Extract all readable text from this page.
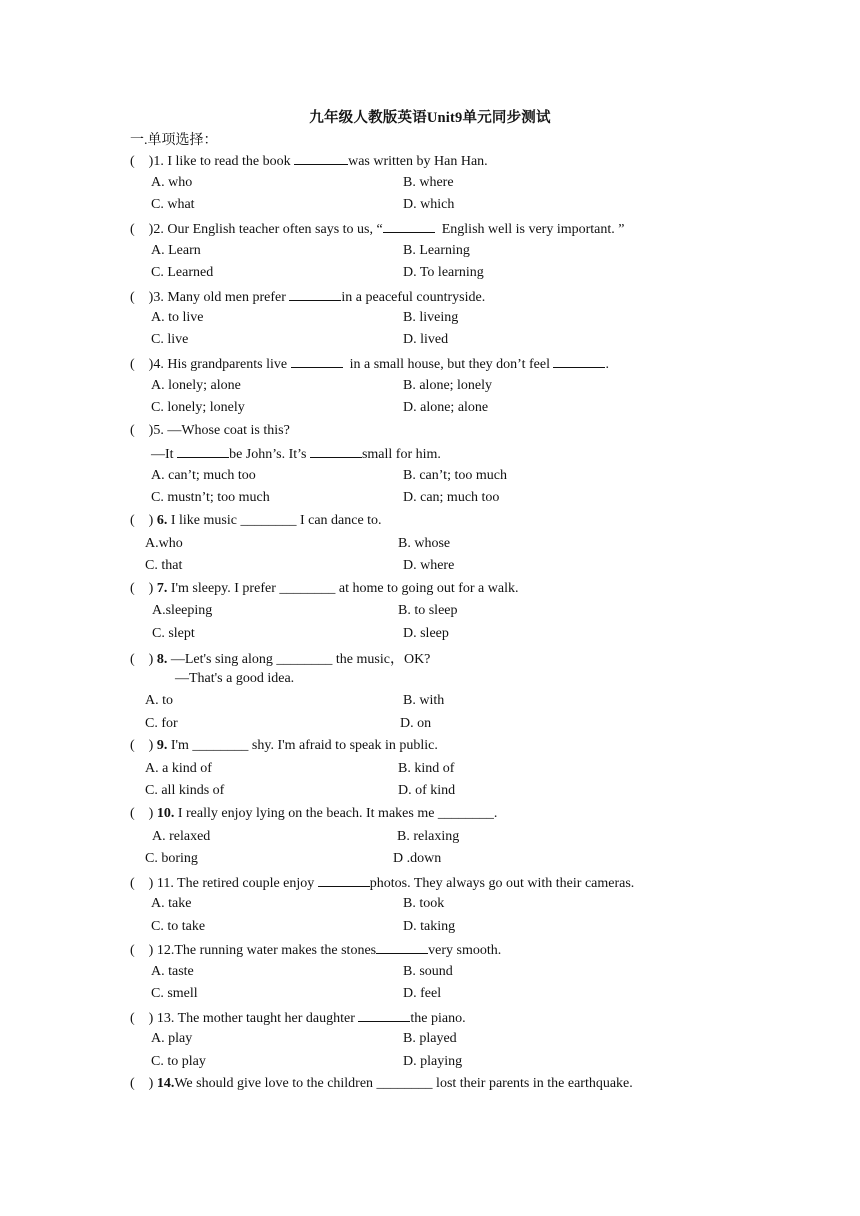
九年级人教版英语Unit9单元同步测试
一.单项选择：
( )1. I like to read the book	was written by Han Han.
A. who	B. where
C. what	D. which
( )2. Our English teacher often says to us, “	English well is very important. ”
A. Learn	B. Learning
C. Learned	D. To learning
( )3. Many old men prefer	in a peaceful countryside.
A. to live	B. liveing
C. live	D. lived
( )4. His grandparents live	in a small house, but they don’t feel	.
A. lonely; alone	B. alone; lonely
C. lonely; lonely	D. alone; alone
( )5. —Whose coat is this?
—It	be John’s. It’s	small for him.
A. can’t; much too	B. can’t; too much
C. mustn’t; too much	D. can; much too
(    ) 6. I like music ________ I can dance to.
A.who	B. whose
C. that	D. where
(    ) 7. I'm sleepy. I prefer ________ at home to going out for a walk.
A.sleeping	B. to sleep
C. slept	D. sleep
(    ) 8. —Let's sing along ________ the music，OK?
—That's a good idea.
A. to	B. with
C. for	D. on
(    ) 9. I'm ________ shy. I'm afraid to speak in public.
A. a kind of	B. kind of
C. all kinds of	D. of kind
(    ) 10. I really enjoy lying on the beach. It makes me ________.
A. relaxed	B. relaxing
C. boring	D .down
( ) 11. The retired couple enjoy	photos. They always go out with their cameras.
A. take	B. took
C. to take	D. taking
( ) 12.The running water makes the stones	very smooth.
A. taste	B. sound
C. smell	D. feel
( ) 13. The mother taught her daughter	the piano.
A. play	B. played
C. to play	D. playing
(    ) 14.We should give love to the children ________ lost their parents in the earthquake.
